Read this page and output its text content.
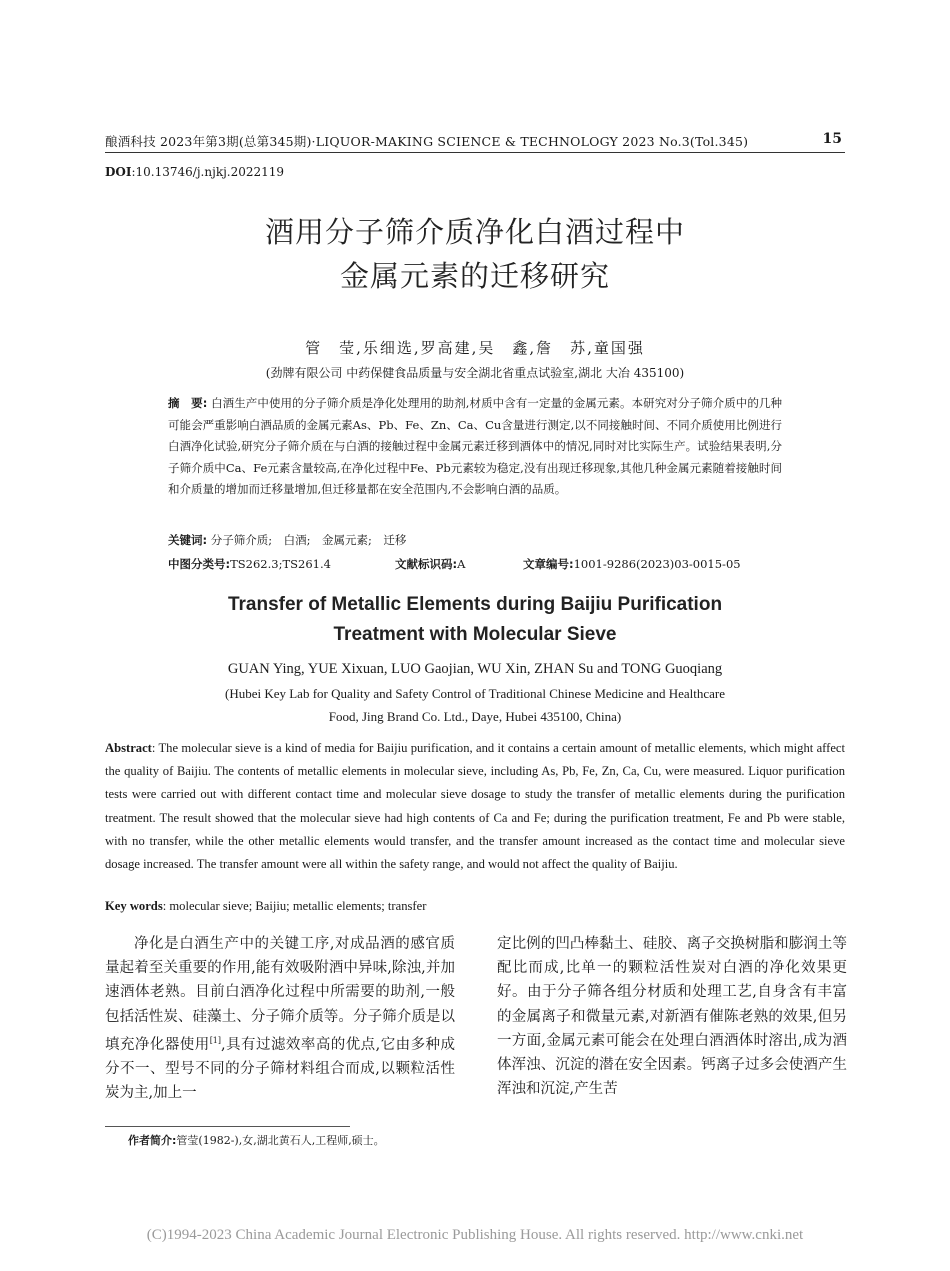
酿酒科技 2023年第3期(总第345期)·LIQUOR-MAKING SCIENCE & TECHNOLOGY 2023 No.3(Tol.345)	15
DOI:10.13746/j.njkj.2022119
酒用分子筛介质净化白酒过程中
金属元素的迁移研究
管　莹,乐细选,罗高建,吴　鑫,詹　苏,童国强
(劲牌有限公司 中药保健食品质量与安全湖北省重点试验室,湖北 大冶 435100)
摘　要: 白酒生产中使用的分子筛介质是净化处理用的助剂,材质中含有一定量的金属元素。本研究对分子筛介质中的几种可能会严重影响白酒品质的金属元素As、Pb、Fe、Zn、Ca、Cu含量进行测定,以不同接触时间、不同介质使用比例进行白酒净化试验,研究分子筛介质在与白酒的接触过程中金属元素迁移到酒体中的情况,同时对比实际生产。试验结果表明,分子筛介质中Ca、Fe元素含量较高,在净化过程中Fe、Pb元素较为稳定,没有出现迁移现象,其他几种金属元素随着接触时间和介质量的增加而迁移量增加,但迁移量都在安全范围内,不会影响白酒的品质。
关键词: 分子筛介质;　白酒;　金属元素;　迁移
中图分类号:TS262.3;TS261.4	文献标识码:A	文章编号:1001-9286(2023)03-0015-05
Transfer of Metallic Elements during Baijiu Purification
Treatment with Molecular Sieve
GUAN Ying, YUE Xixuan, LUO Gaojian, WU Xin, ZHAN Su and TONG Guoqiang
(Hubei Key Lab for Quality and Safety Control of Traditional Chinese Medicine and Healthcare
Food, Jing Brand Co. Ltd., Daye, Hubei 435100, China)
Abstract: The molecular sieve is a kind of media for Baijiu purification, and it contains a certain amount of metallic elements, which might affect the quality of Baijiu. The contents of metallic elements in molecular sieve, including As, Pb, Fe, Zn, Ca, Cu, were measured. Liquor purification tests were carried out with different contact time and molecular sieve dosage to study the transfer of metallic elements during the purification treatment. The result showed that the molecular sieve had high contents of Ca and Fe; during the purification treatment, Fe and Pb were stable, with no transfer, while the other metallic elements would transfer, and the transfer amount increased as the contact time and molecular sieve dosage increased. The transfer amount were all within the safety range, and would not affect the quality of Baijiu.
Key words: molecular sieve; Baijiu; metallic elements; transfer
净化是白酒生产中的关键工序,对成品酒的感官质量起着至关重要的作用,能有效吸附酒中异味,除浊,并加速酒体老熟。目前白酒净化过程中所需要的助剂,一般包括活性炭、硅藻土、分子筛介质等。分子筛介质是以填充净化器使用[1],具有过滤效率高的优点,它由多种成分不一、型号不同的分子筛材料组合而成,以颗粒活性炭为主,加上一
定比例的凹凸棒黏土、硅胶、离子交换树脂和膨润土等配比而成,比单一的颗粒活性炭对白酒的净化效果更好。由于分子筛各组分材质和处理工艺,自身含有丰富的金属离子和微量元素,对新酒有催陈老熟的效果,但另一方面,金属元素可能会在处理白酒酒体时溶出,成为酒体浑浊、沉淀的潜在安全因素。钙离子过多会使酒产生浑浊和沉淀,产生苦
作者简介:管莹(1982-),女,湖北黄石人,工程师,硕士。
(C)1994-2023 China Academic Journal Electronic Publishing House. All rights reserved. http://www.cnki.net
